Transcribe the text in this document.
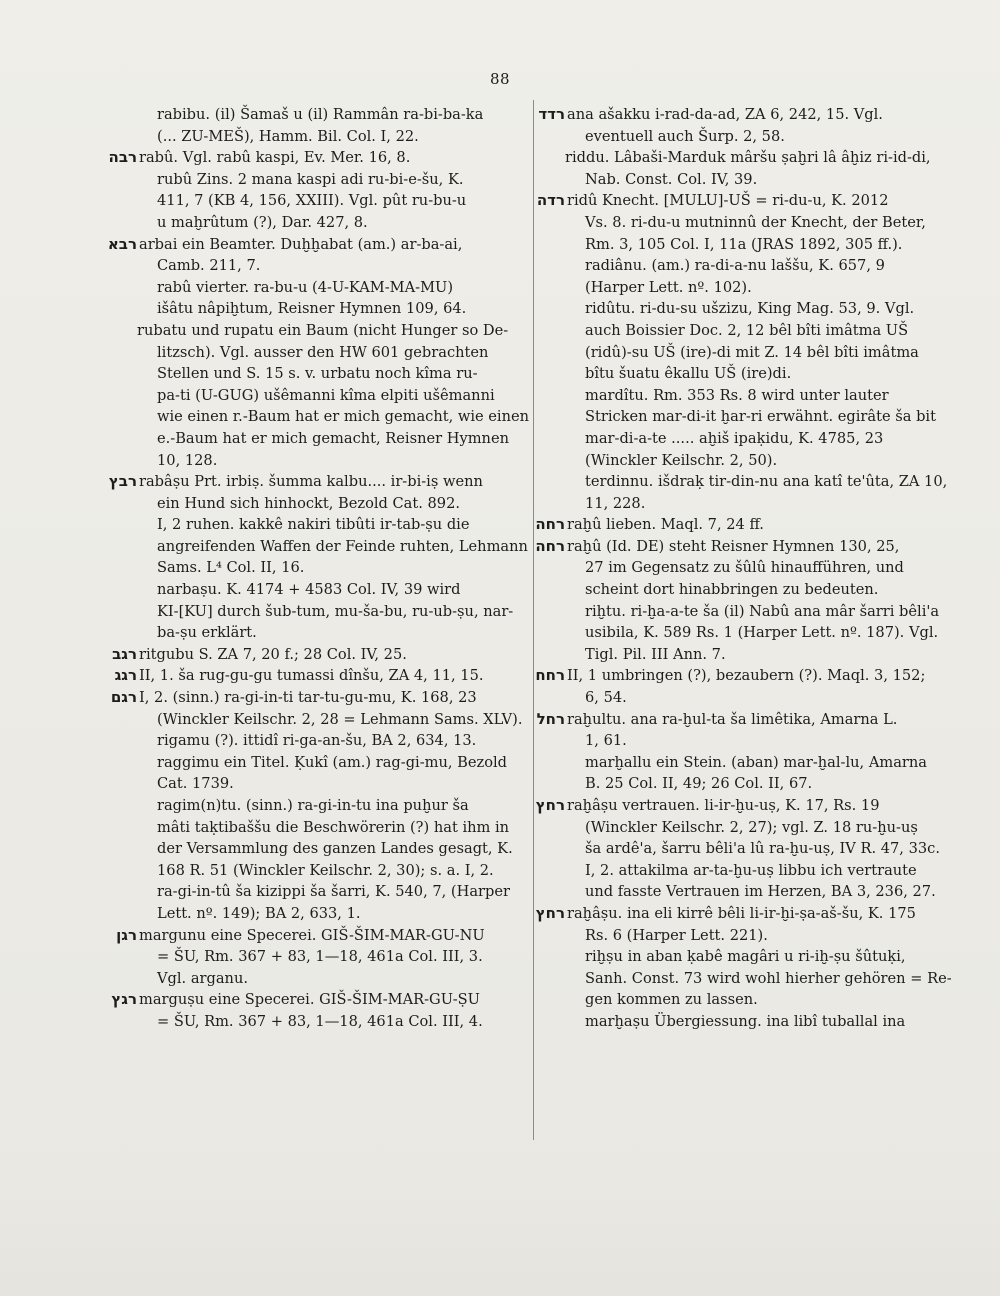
88
rabibu. (il) Šamaš u (il) Rammân ra-bi-ba-ka
(... ZU-MEŠ), Hamm. Bil. Col. I, 22.
רבה rabû. Vgl. rabû kaspi, Ev. Mer. 16, 8.
rubû Zins. 2 mana kaspi adi ru-bi-e-šu, K.
411, 7 (KB 4, 156, XXIII). Vgl. pût ru-bu-u
u maḫrûtum (?), Dar. 427, 8.
רבא arbai ein Beamter. Duḫḫabat (am.) ar-ba-ai,
Camb. 211, 7.
rabû vierter. ra-bu-u (4-U-KAM-MA-MU)
išâtu nâpiḫtum, Reisner Hymnen 109, 64.
rubatu und rupatu ein Baum (nicht Hunger so De-
litzsch). Vgl. ausser den HW 601 gebrachten
Stellen und S. 15 s. v. urbatu noch kîma ru-
pa-ti (U-GUG) ušêmanni kîma elpiti ušêmanni
wie einen r.-Baum hat er mich gemacht, wie einen
e.-Baum hat er mich gemacht, Reisner Hymnen
10, 128.
רבץ rabâṣu Prt. irbiṣ. šumma kalbu.... ir-bi-iṣ wenn
ein Hund sich hinhockt, Bezold Cat. 892.
I, 2 ruhen. kakkê nakiri tibûti ir-tab-ṣu die
angreifenden Waffen der Feinde ruhten, Lehmann
Sams. L⁴ Col. II, 16.
narbaṣu. K. 4174 + 4583 Col. IV, 39 wird
KI-[KU] durch šub-tum, mu-ša-bu, ru-ub-ṣu, nar-
ba-ṣu erklärt.
רגב ritgubu S. ZA 7, 20 f.; 28 Col. IV, 25.
רגג II, 1. ša rug-gu-gu tumassi dînšu, ZA 4, 11, 15.
רגם I, 2. (sinn.) ra-gi-in-ti tar-tu-gu-mu, K. 168, 23
(Winckler Keilschr. 2, 28 = Lehmann Sams. XLV).
rigamu (?). ittidî ri-ga-an-šu, BA 2, 634, 13.
raggimu ein Titel. Ḳukî (am.) rag-gi-mu, Bezold
Cat. 1739.
ragim(n)tu. (sinn.) ra-gi-in-tu ina puḫur ša
mâti taḳtibaššu die Beschwörerin (?) hat ihm in
der Versammlung des ganzen Landes gesagt, K.
168 R. 51 (Winckler Keilschr. 2, 30); s. a. I, 2.
ra-gi-in-tû ša kizippi ša šarri, K. 540, 7, (Harper
Lett. nº. 149); BA 2, 633, 1.
רגן margunu eine Specerei. GIŠ-ŠIM-MAR-GU-NU
= ŠU, Rm. 367 + 83, 1—18, 461a Col. III, 3.
Vgl. arganu.
רגץ marguṣu eine Specerei. GIŠ-ŠIM-MAR-GU-ṢU
= ŠU, Rm. 367 + 83, 1—18, 461a Col. III, 4.
רדד ana ašakku i-rad-da-ad, ZA 6, 242, 15. Vgl.
eventuell auch Šurp. 2, 58.
riddu. Lâbaši-Marduk mâršu ṣaḫri lâ âḫiz ri-id-di,
Nab. Const. Col. IV, 39.
רדה ridû Knecht. [MULU]-UŠ = ri-du-u, K. 2012
Vs. 8. ri-du-u mutninnû der Knecht, der Beter,
Rm. 3, 105 Col. I, 11a (JRAS 1892, 305 ff.).
radiânu. (am.) ra-di-a-nu laššu, K. 657, 9
(Harper Lett. nº. 102).
ridûtu. ri-du-su ušzizu, King Mag. 53, 9. Vgl.
auch Boissier Doc. 2, 12 bêl bîti imâtma UŠ
(ridû)-su UŠ (ire)-di mit Z. 14 bêl bîti imâtma
bîtu šuatu êkallu UŠ (ire)di.
mardîtu. Rm. 353 Rs. 8 wird unter lauter
Stricken mar-di-it ḫar-ri erwähnt. egirâte ša bit
mar-di-a-te ..... aḫiš ipaḳidu, K. 4785, 23
(Winckler Keilschr. 2, 50).
terdinnu. išdraḳ tir-din-nu ana katî te'ûta, ZA 10,
11, 228.
רחה raḫû lieben. Maql. 7, 24 ff.
רחה raḫû (Id. DE) steht Reisner Hymnen 130, 25,
27 im Gegensatz zu šûlû hinaufführen, und
scheint dort hinabbringen zu bedeuten.
riḫtu. ri-ḫa-a-te ša (il) Nabû ana mâr šarri bêli'a
usibila, K. 589 Rs. 1 (Harper Lett. nº. 187). Vgl.
Tigl. Pil. III Ann. 7.
רחח II, 1 umbringen (?), bezaubern (?). Maql. 3, 152;
6, 54.
רחל raḫultu. ana ra-ḫul-ta ša limêtika, Amarna L.
1, 61.
marḫallu ein Stein. (aban) mar-ḫal-lu, Amarna
B. 25 Col. II, 49; 26 Col. II, 67.
רחץ raḫâṣu vertrauen. li-ir-ḫu-uṣ, K. 17, Rs. 19
(Winckler Keilschr. 2, 27); vgl. Z. 18 ru-ḫu-uṣ
ša ardê'a, šarru bêli'a lû ra-ḫu-uṣ, IV R. 47, 33c.
I, 2. attakilma ar-ta-ḫu-uṣ libbu ich vertraute
und fasste Vertrauen im Herzen, BA 3, 236, 27.
רחץ raḫâṣu. ina eli kirrê bêli li-ir-ḫi-ṣa-aš-šu, K. 175
Rs. 6 (Harper Lett. 221).
riḫṣu in aban ḳabê magâri u ri-iḫ-ṣu šûtuḳi,
Sanh. Const. 73 wird wohl hierher gehören = Re-
gen kommen zu lassen.
marḫaṣu Übergiessung. ina libî tuballal ina
